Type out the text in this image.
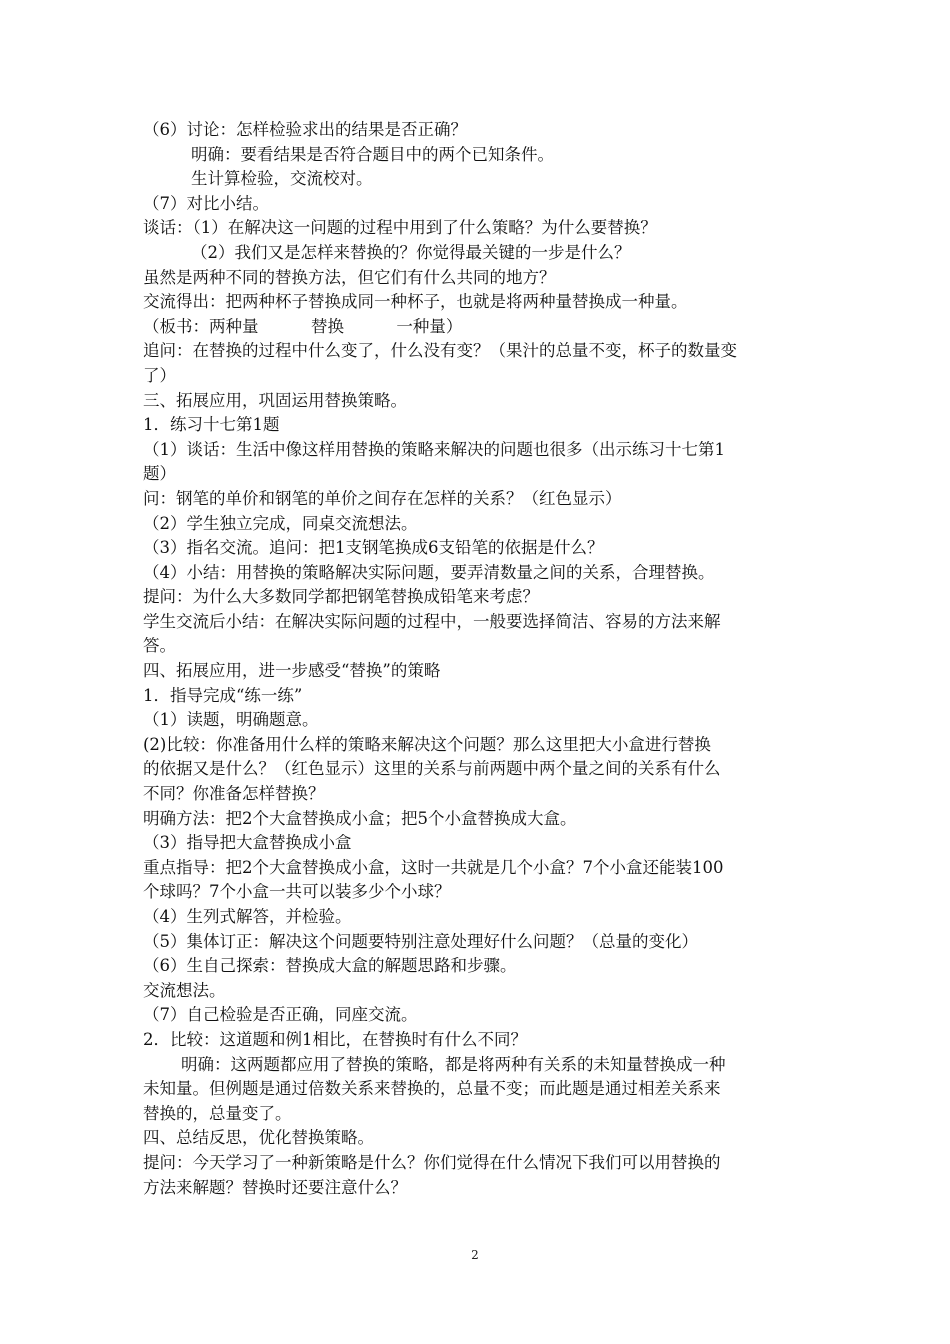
（6）讨论：怎样检验求出的结果是否正确？
明确：要看结果是否符合题目中的两个已知条件。
生计算检验，交流校对。
（7）对比小结。
谈话：（1）在解决这一问题的过程中用到了什么策略？为什么要替换？
（2）我们又是怎样来替换的？你觉得最关键的一步是什么？
虽然是两种不同的替换方法，但它们有什么共同的地方？
交流得出：把两种杯子替换成同一种杯子，也就是将两种量替换成一种量。
（板书：两种量          替换          一种量）
追问：在替换的过程中什么变了，什么没有变？（果汁的总量不变，杯子的数量变
了）
三、拓展应用，巩固运用替换策略。
1．练习十七第1题
（1）谈话：生活中像这样用替换的策略来解决的问题也很多（出示练习十七第1
题）
问：钢笔的单价和钢笔的单价之间存在怎样的关系？（红色显示）
（2）学生独立完成，同桌交流想法。
（3）指名交流。追问：把1支钢笔换成6支铅笔的依据是什么？
（4）小结：用替换的策略解决实际问题，要弄清数量之间的关系，合理替换。
提问：为什么大多数同学都把钢笔替换成铅笔来考虑？
学生交流后小结：在解决实际问题的过程中，一般要选择简洁、容易的方法来解
答。
四、拓展应用，进一步感受“替换”的策略
1．指导完成“练一练”
（1）读题，明确题意。
(2)比较：你准备用什么样的策略来解决这个问题？那么这里把大小盒进行替换
的依据又是什么？（红色显示）这里的关系与前两题中两个量之间的关系有什么
不同？你准备怎样替换？
明确方法：把2个大盒替换成小盒；把5个小盒替换成大盒。
（3）指导把大盒替换成小盒
重点指导：把2个大盒替换成小盒，这时一共就是几个小盒？7个小盒还能装100
个球吗？7个小盒一共可以装多少个小球？
（4）生列式解答，并检验。
（5）集体订正：解决这个问题要特别注意处理好什么问题？（总量的变化）
（6）生自己探索：替换成大盒的解题思路和步骤。
交流想法。
（7）自己检验是否正确，同座交流。
2．比较：这道题和例1相比，在替换时有什么不同？
明确：这两题都应用了替换的策略，都是将两种有关系的未知量替换成一种
未知量。但例题是通过倍数关系来替换的，总量不变；而此题是通过相差关系来
替换的，总量变了。
四、总结反思，优化替换策略。
提问：今天学习了一种新策略是什么？你们觉得在什么情况下我们可以用替换的
方法来解题？替换时还要注意什么？
2
